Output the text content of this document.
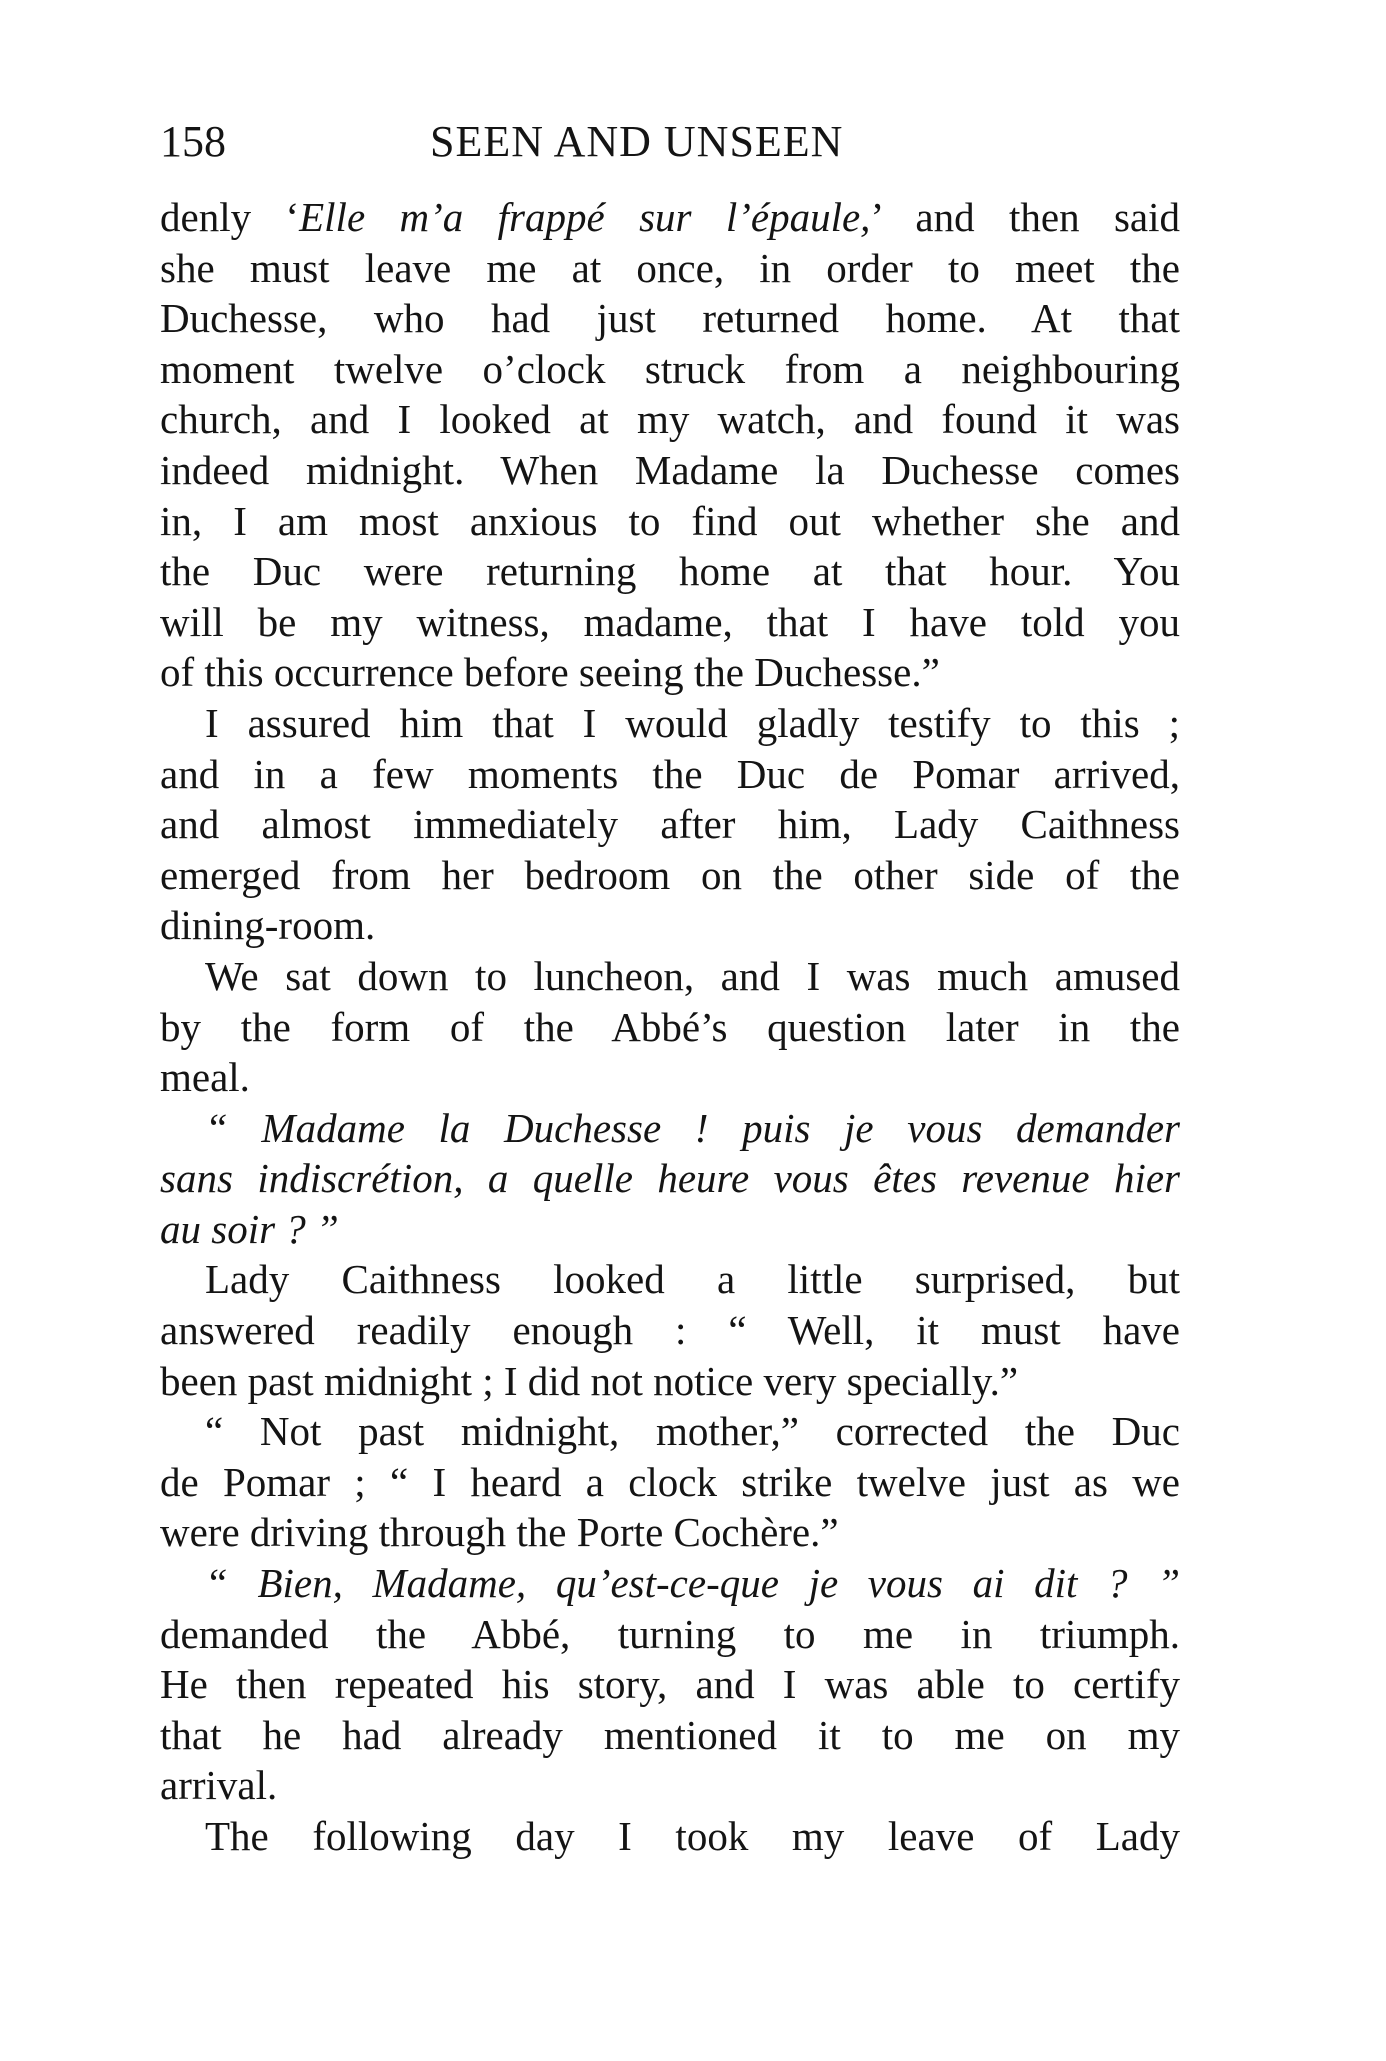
158	SEEN AND UNSEEN
denly ‘Elle m’a frappé sur l’épaule,’ and then said
she must leave me at once, in order to meet the
Duchesse, who had just returned home. At that
moment twelve o’clock struck from a neighbouring
church, and I looked at my watch, and found it was
indeed midnight. When Madame la Duchesse comes
in, I am most anxious to find out whether she and
the Duc were returning home at that hour. You
will be my witness, madame, that I have told you
of this occurrence before seeing the Duchesse.”
I assured him that I would gladly testify to this ;
and in a few moments the Duc de Pomar arrived,
and almost immediately after him, Lady Caithness
emerged from her bedroom on the other side of the
dining-room.
We sat down to luncheon, and I was much amused
by the form of the Abbé’s question later in the
meal.
“ Madame la Duchesse ! puis je vous demander
sans indiscrétion, a quelle heure vous êtes revenue hier
au soir ? ”
Lady Caithness looked a little surprised, but
answered readily enough : “ Well, it must have
been past midnight ; I did not notice very specially.”
“ Not past midnight, mother,” corrected the Duc
de Pomar ; “ I heard a clock strike twelve just as we
were driving through the Porte Cochère.”
“ Bien, Madame, qu’est-ce-que je vous ai dit ? ”
demanded the Abbé, turning to me in triumph.
He then repeated his story, and I was able to certify
that he had already mentioned it to me on my
arrival.
The following day I took my leave of Lady
